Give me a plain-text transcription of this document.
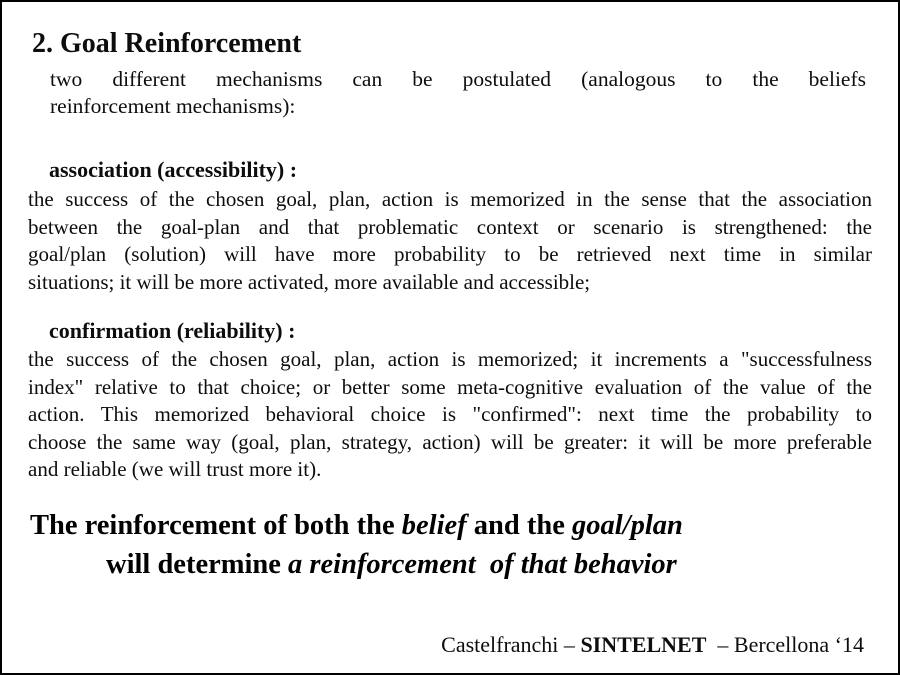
2. Goal Reinforcement
two different mechanisms can be postulated (analogous to the beliefs
reinforcement mechanisms):
association (accessibility) :
the success of the chosen goal, plan, action is memorized in the sense that the association
between the goal-plan and that problematic context or scenario is strengthened: the
goal/plan (solution) will have more probability to be retrieved next time in similar
situations; it will be more activated, more available and accessible;
confirmation (reliability) :
the success of the chosen goal, plan, action is memorized; it increments a "successfulness
index" relative to that choice; or better some meta-cognitive evaluation of the value of the
action. This memorized behavioral choice is "confirmed": next time the probability to
choose the same way (goal, plan, strategy, action) will be greater: it will be more preferable
and reliable (we will trust more it).
The reinforcement of both the belief and the goal/plan
will determine a reinforcement  of that behavior
Castelfranchi – SINTELNET  – Bercellona ‘14
